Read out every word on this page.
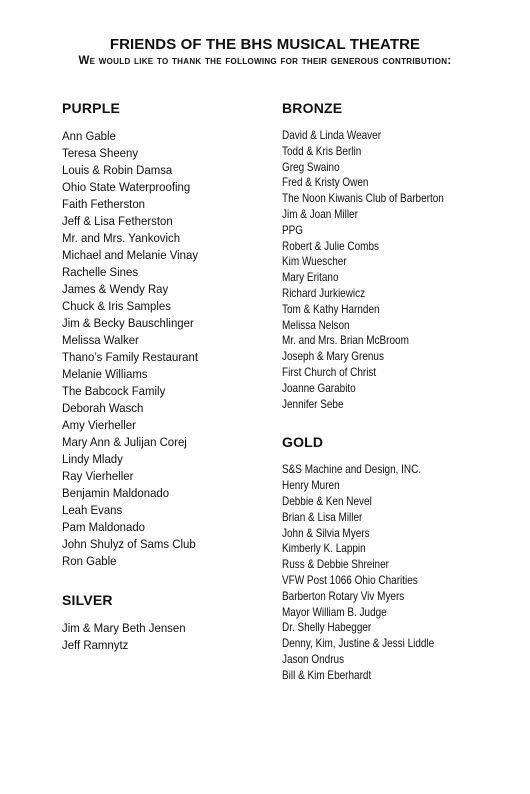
FRIENDS OF THE BHS MUSICAL THEATRE
We would like to thank the following for their generous contribution:
PURPLE
Ann Gable
Teresa Sheeny
Louis & Robin Damsa
Ohio State Waterproofing
Faith Fetherston
Jeff & Lisa Fetherston
Mr. and Mrs. Yankovich
Michael and Melanie Vinay
Rachelle Sines
James & Wendy Ray
Chuck & Iris Samples
Jim & Becky Bauschlinger
Melissa Walker
Thano’s Family Restaurant
Melanie Williams
The Babcock Family
Deborah Wasch
Amy Vierheller
Mary Ann & Julijan Corej
Lindy Mlady
Ray Vierheller
Benjamin Maldonado
Leah Evans
Pam Maldonado
John Shulyz of Sams Club
Ron Gable
SILVER
Jim & Mary Beth Jensen
Jeff Ramnytz
BRONZE
David & Linda Weaver
Todd & Kris Berlin
Greg Swaino
Fred & Kristy Owen
The Noon Kiwanis Club of Barberton
Jim & Joan Miller
PPG
Robert & Julie Combs
Kim Wuescher
Mary Eritano
Richard Jurkiewicz
Tom & Kathy Harnden
Melissa Nelson
Mr. and Mrs. Brian McBroom
Joseph & Mary Grenus
First Church of Christ
Joanne Garabito
Jennifer Sebe
GOLD
S&S Machine and Design, INC.
Henry Muren
Debbie & Ken Nevel
Brian & Lisa Miller
John & Silvia Myers
Kimberly K. Lappin
Russ & Debbie Shreiner
VFW Post 1066 Ohio Charities
Barberton Rotary Viv Myers
Mayor William B. Judge
Dr. Shelly Habegger
Denny, Kim, Justine & Jessi Liddle
Jason Ondrus
Bill & Kim Eberhardt
